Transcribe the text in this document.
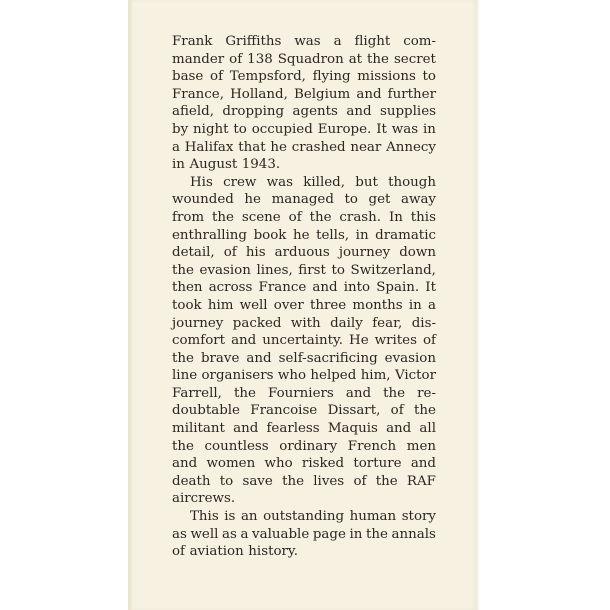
Frank Griffiths was a flight com-
mander of 138 Squadron at the secret
base of Tempsford, flying missions to
France, Holland, Belgium and further
afield, dropping agents and supplies
by night to occupied Europe. It was in
a Halifax that he crashed near Annecy
in August 1943.
His crew was killed, but though
wounded he managed to get away
from the scene of the crash. In this
enthralling book he tells, in dramatic
detail, of his arduous journey down
the evasion lines, first to Switzerland,
then across France and into Spain. It
took him well over three months in a
journey packed with daily fear, dis-
comfort and uncertainty. He writes of
the brave and self-sacrificing evasion
line organisers who helped him, Victor
Farrell, the Fourniers and the re-
doubtable Francoise Dissart, of the
militant and fearless Maquis and all
the countless ordinary French men
and women who risked torture and
death to save the lives of the RAF
aircrews.
This is an outstanding human story
as well as a valuable page in the annals
of aviation history.
